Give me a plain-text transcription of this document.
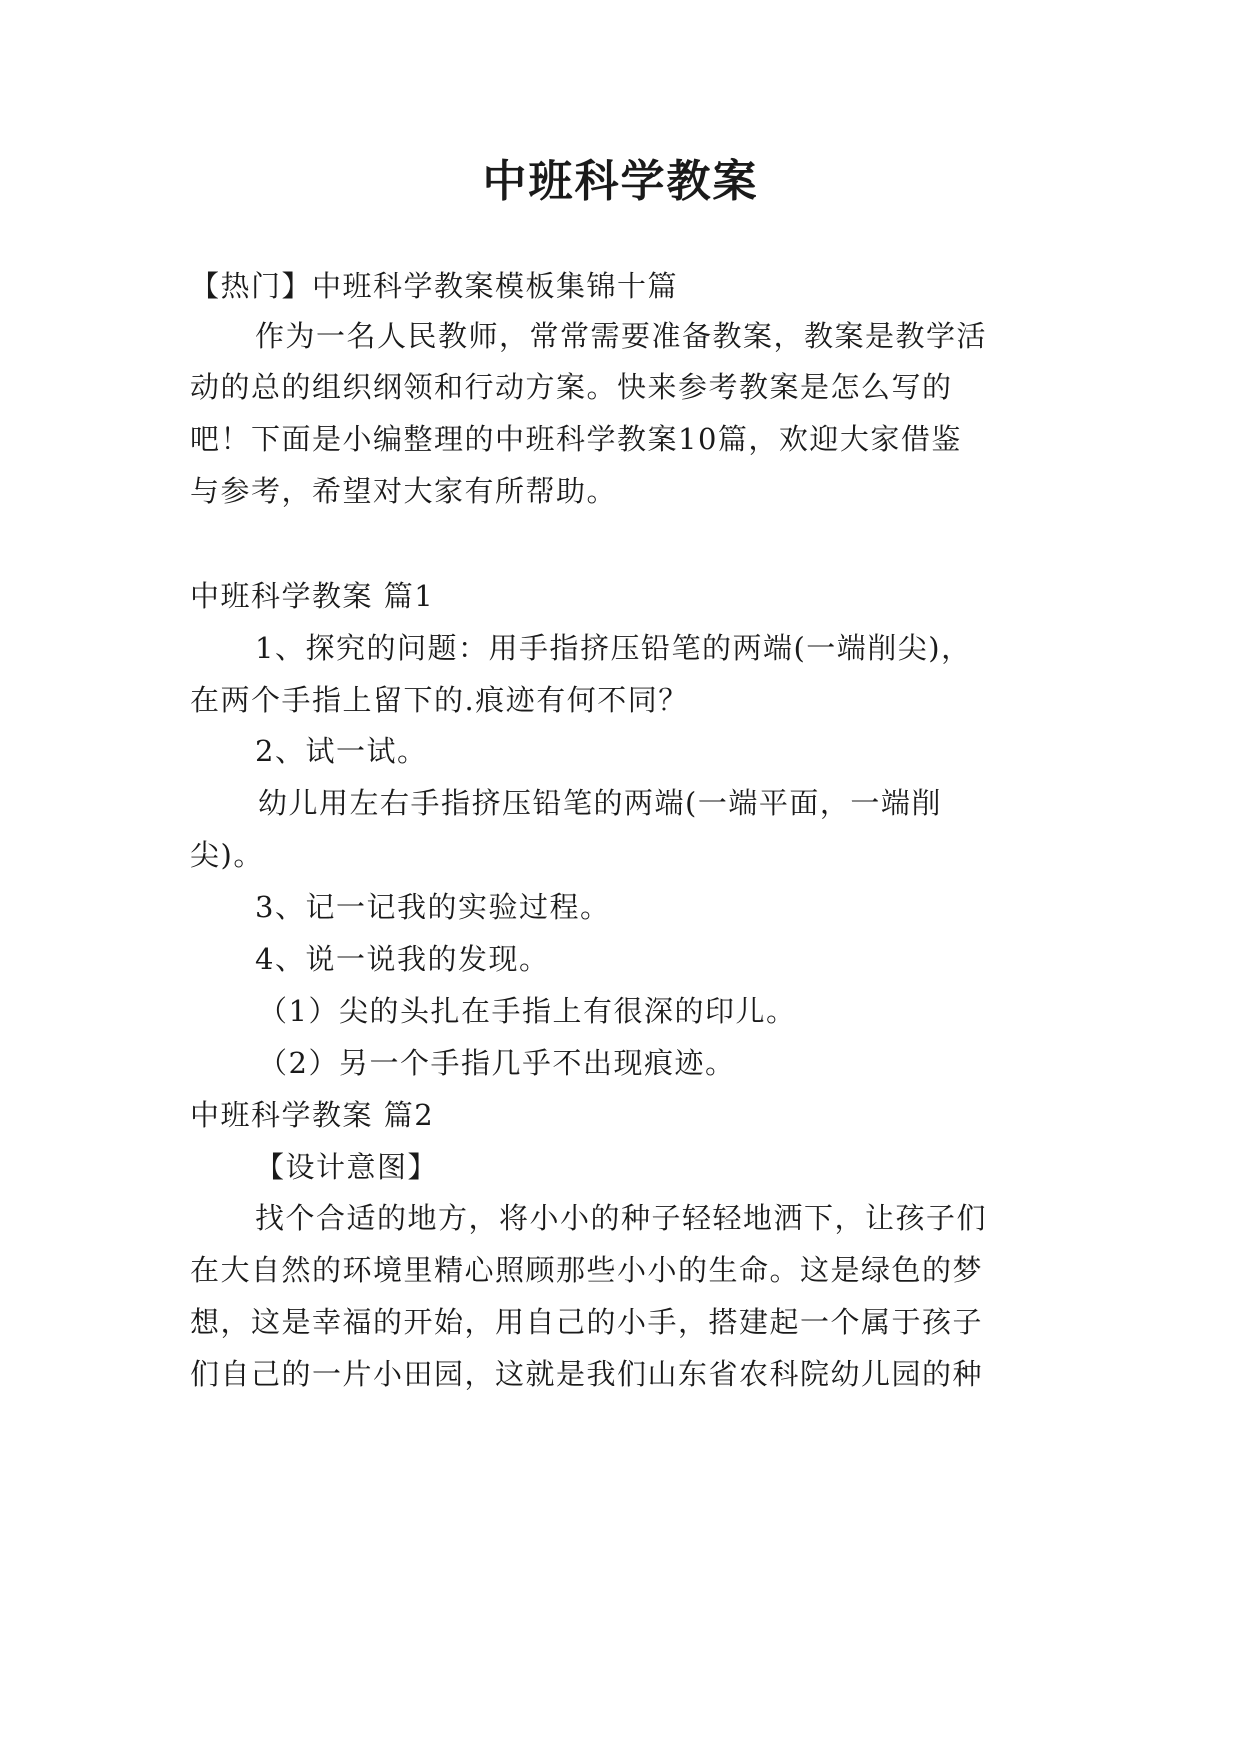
中班科学教案
【热门】中班科学教案模板集锦十篇
作为一名人民教师，常常需要准备教案，教案是教学活
动的总的组织纲领和行动方案。快来参考教案是怎么写的
吧！下面是小编整理的中班科学教案10篇，欢迎大家借鉴
与参考，希望对大家有所帮助。
中班科学教案 篇1
1、探究的问题：用手指挤压铅笔的两端(一端削尖)，
在两个手指上留下的.痕迹有何不同？
2、试一试。
幼儿用左右手指挤压铅笔的两端(一端平面，一端削
尖)。
3、记一记我的实验过程。
4、说一说我的发现。
（1）尖的头扎在手指上有很深的印儿。
（2）另一个手指几乎不出现痕迹。
中班科学教案 篇2
【设计意图】
找个合适的地方，将小小的种子轻轻地洒下，让孩子们
在大自然的环境里精心照顾那些小小的生命。这是绿色的梦
想，这是幸福的开始，用自己的小手，搭建起一个属于孩子
们自己的一片小田园，这就是我们山东省农科院幼儿园的种
